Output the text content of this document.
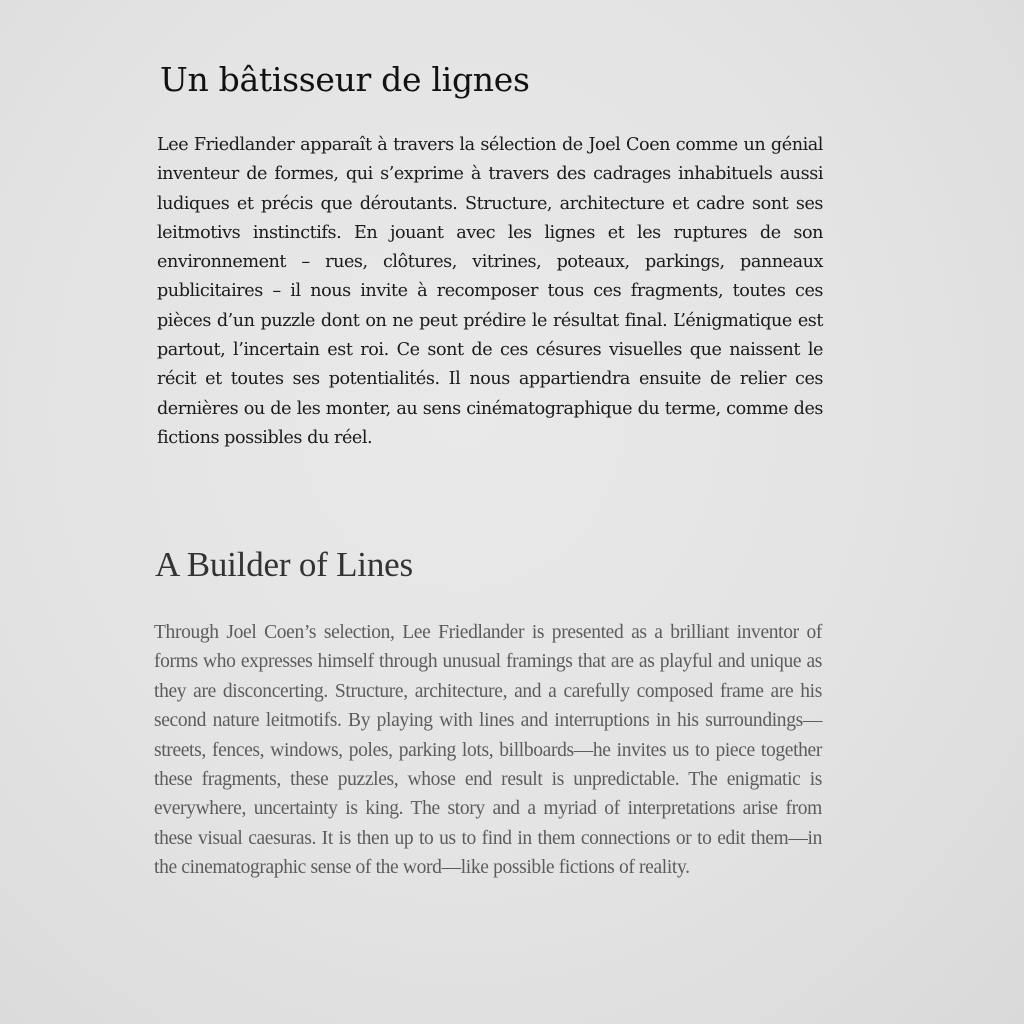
Un bâtisseur de lignes

Lee Friedlander apparaît à travers la sélection de Joel Coen comme un génial inventeur de formes, qui s’exprime à travers des cadrages inhabituels aussi ludiques et précis que déroutants. Structure, architecture et cadre sont ses leitmotivs instinctifs. En jouant avec les lignes et les ruptures de son environnement – rues, clôtures, vitrines, poteaux, parkings, panneaux publicitaires – il nous invite à recomposer tous ces fragments, toutes ces pièces d’un puzzle dont on ne peut prédire le résultat final. L’énigmatique est partout, l’incertain est roi. Ce sont de ces césures visuelles que naissent le récit et toutes ses potentialités. Il nous appartiendra ensuite de relier ces dernières ou de les monter, au sens cinématographique du terme, comme des fictions possibles du réel.

A Builder of Lines

Through Joel Coen’s selection, Lee Friedlander is presented as a brilliant inventor of forms who expresses himself through unusual framings that are as playful and unique as they are disconcerting. Structure, architecture, and a carefully composed frame are his second nature leitmotifs. By playing with lines and interruptions in his surroundings—streets, fences, windows, poles, parking lots, billboards—he invites us to piece together these fragments, these puzzles, whose end result is unpredictable. The enigmatic is everywhere, uncertainty is king. The story and a myriad of interpretations arise from these visual caesuras. It is then up to us to find in them connections or to edit them—in the cinematographic sense of the word—like possible fictions of reality.
